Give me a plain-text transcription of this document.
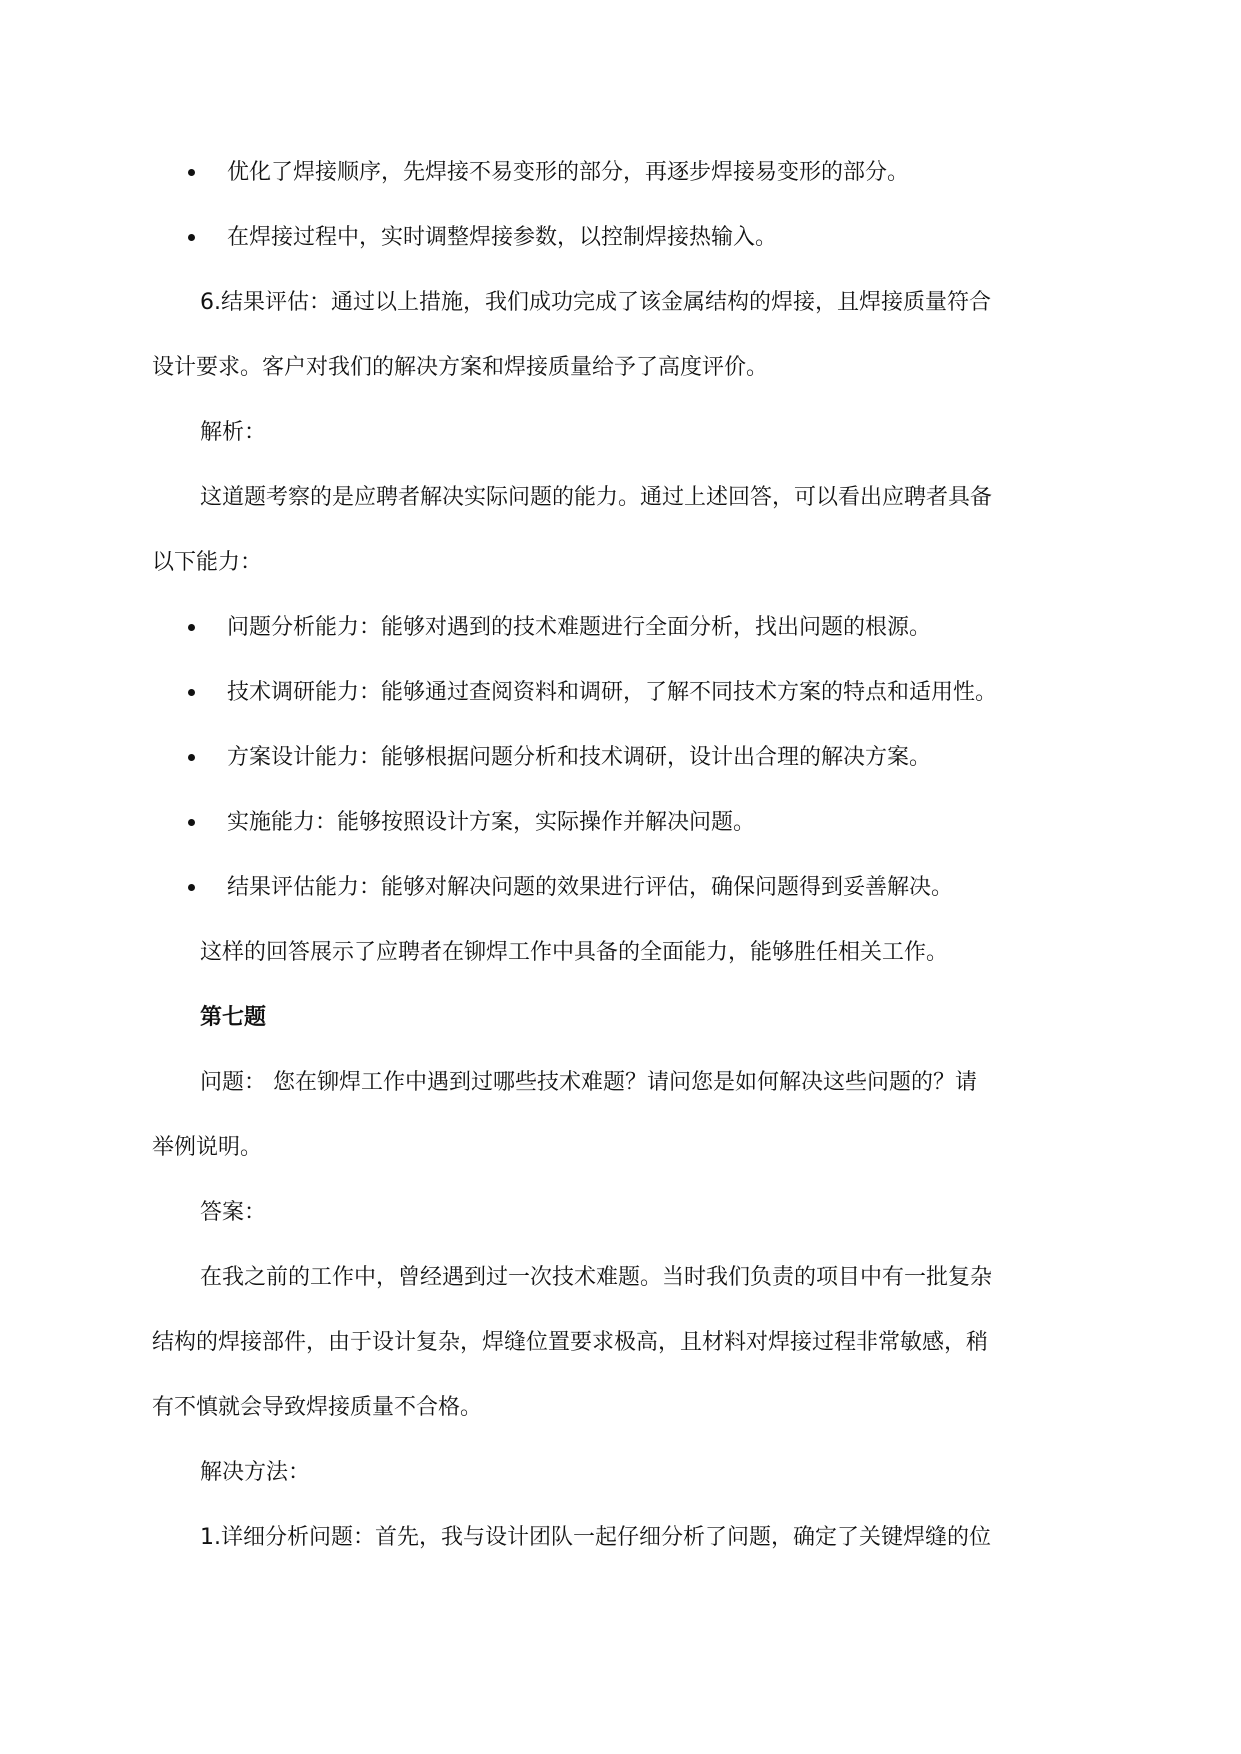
优化了焊接顺序，先焊接不易变形的部分，再逐步焊接易变形的部分。
在焊接过程中，实时调整焊接参数，以控制焊接热输入。
6.结果评估：通过以上措施，我们成功完成了该金属结构的焊接，且焊接质量符合
设计要求。客户对我们的解决方案和焊接质量给予了高度评价。
解析：
这道题考察的是应聘者解决实际问题的能力。通过上述回答，可以看出应聘者具备
以下能力：
问题分析能力：能够对遇到的技术难题进行全面分析，找出问题的根源。
技术调研能力：能够通过查阅资料和调研，了解不同技术方案的特点和适用性。
方案设计能力：能够根据问题分析和技术调研，设计出合理的解决方案。
实施能力：能够按照设计方案，实际操作并解决问题。
结果评估能力：能够对解决问题的效果进行评估，确保问题得到妥善解决。
这样的回答展示了应聘者在铆焊工作中具备的全面能力，能够胜任相关工作。
第七题
问题： 您在铆焊工作中遇到过哪些技术难题？请问您是如何解决这些问题的？请
举例说明。
答案：
在我之前的工作中，曾经遇到过一次技术难题。当时我们负责的项目中有一批复杂
结构的焊接部件，由于设计复杂，焊缝位置要求极高，且材料对焊接过程非常敏感，稍
有不慎就会导致焊接质量不合格。
解决方法：
1.详细分析问题：首先，我与设计团队一起仔细分析了问题，确定了关键焊缝的位
